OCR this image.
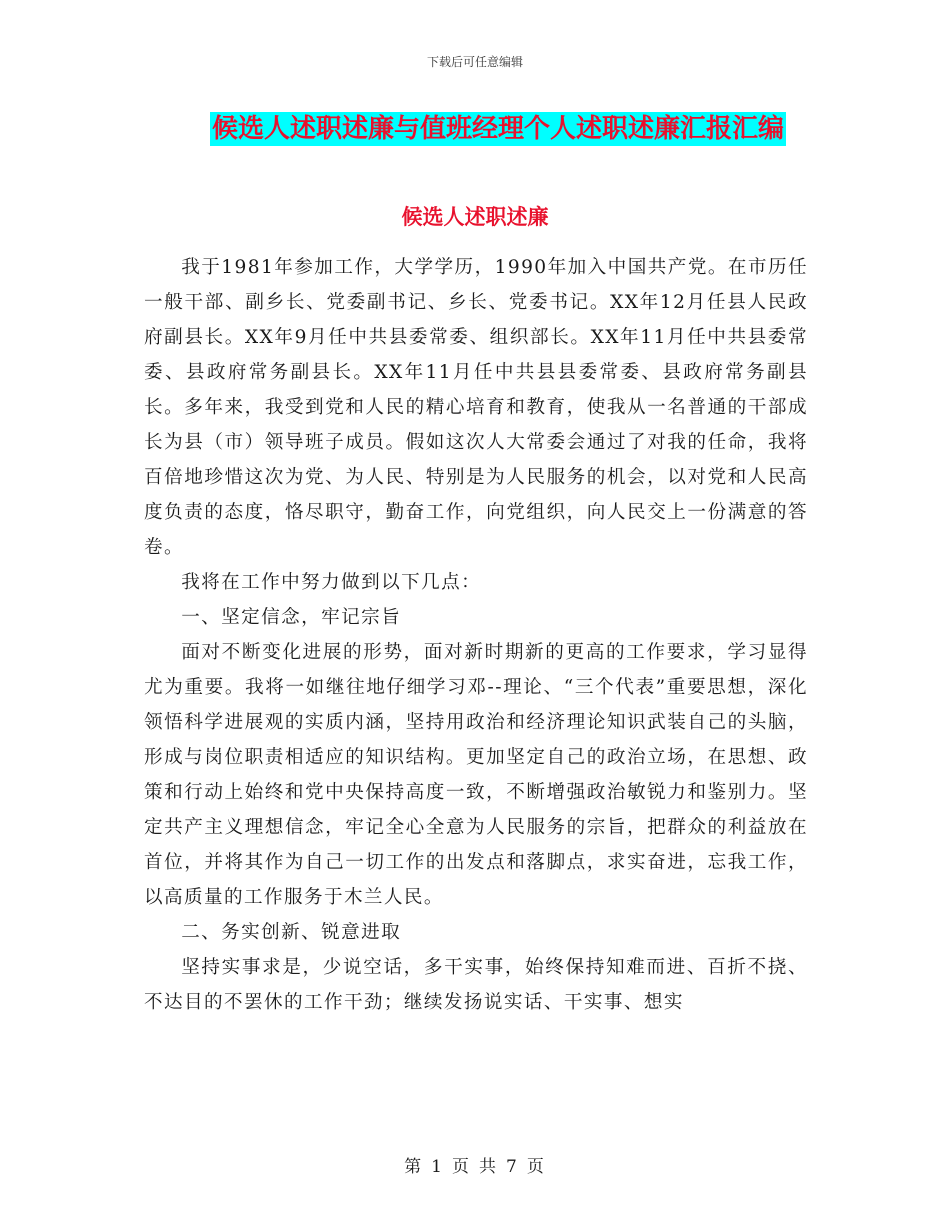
下载后可任意编辑
候选人述职述廉与值班经理个人述职述廉汇报汇编
候选人述职述廉

我于1981年参加工作，大学学历，1990年加入中国共产党。在市历任一般干部、副乡长、党委副书记、乡长、党委书记。XX年12月任县人民政府副县长。XX年9月任中共县委常委、组织部长。XX年11月任中共县委常委、县政府常务副县长。XX年11月任中共县县委常委、县政府常务副县长。多年来，我受到党和人民的精心培育和教育，使我从一名普通的干部成长为县（市）领导班子成员。假如这次人大常委会通过了对我的任命，我将百倍地珍惜这次为党、为人民、特别是为人民服务的机会，以对党和人民高度负责的态度，恪尽职守，勤奋工作，向党组织，向人民交上一份满意的答卷。

我将在工作中努力做到以下几点：

一、坚定信念，牢记宗旨

面对不断变化进展的形势，面对新时期新的更高的工作要求，学习显得尤为重要。我将一如继往地仔细学习邓--理论、“三个代表”重要思想，深化领悟科学进展观的实质内涵，坚持用政治和经济理论知识武装自己的头脑，形成与岗位职责相适应的知识结构。更加坚定自己的政治立场，在思想、政策和行动上始终和党中央保持高度一致，不断增强政治敏锐力和鉴别力。坚定共产主义理想信念，牢记全心全意为人民服务的宗旨，把群众的利益放在首位，并将其作为自己一切工作的出发点和落脚点，求实奋进，忘我工作，以高质量的工作服务于木兰人民。

二、务实创新、锐意进取

坚持实事求是，少说空话，多干实事，始终保持知难而进、百折不挠、不达目的不罢休的工作干劲；继续发扬说实话、干实事、想实

第 1 页 共 7 页
